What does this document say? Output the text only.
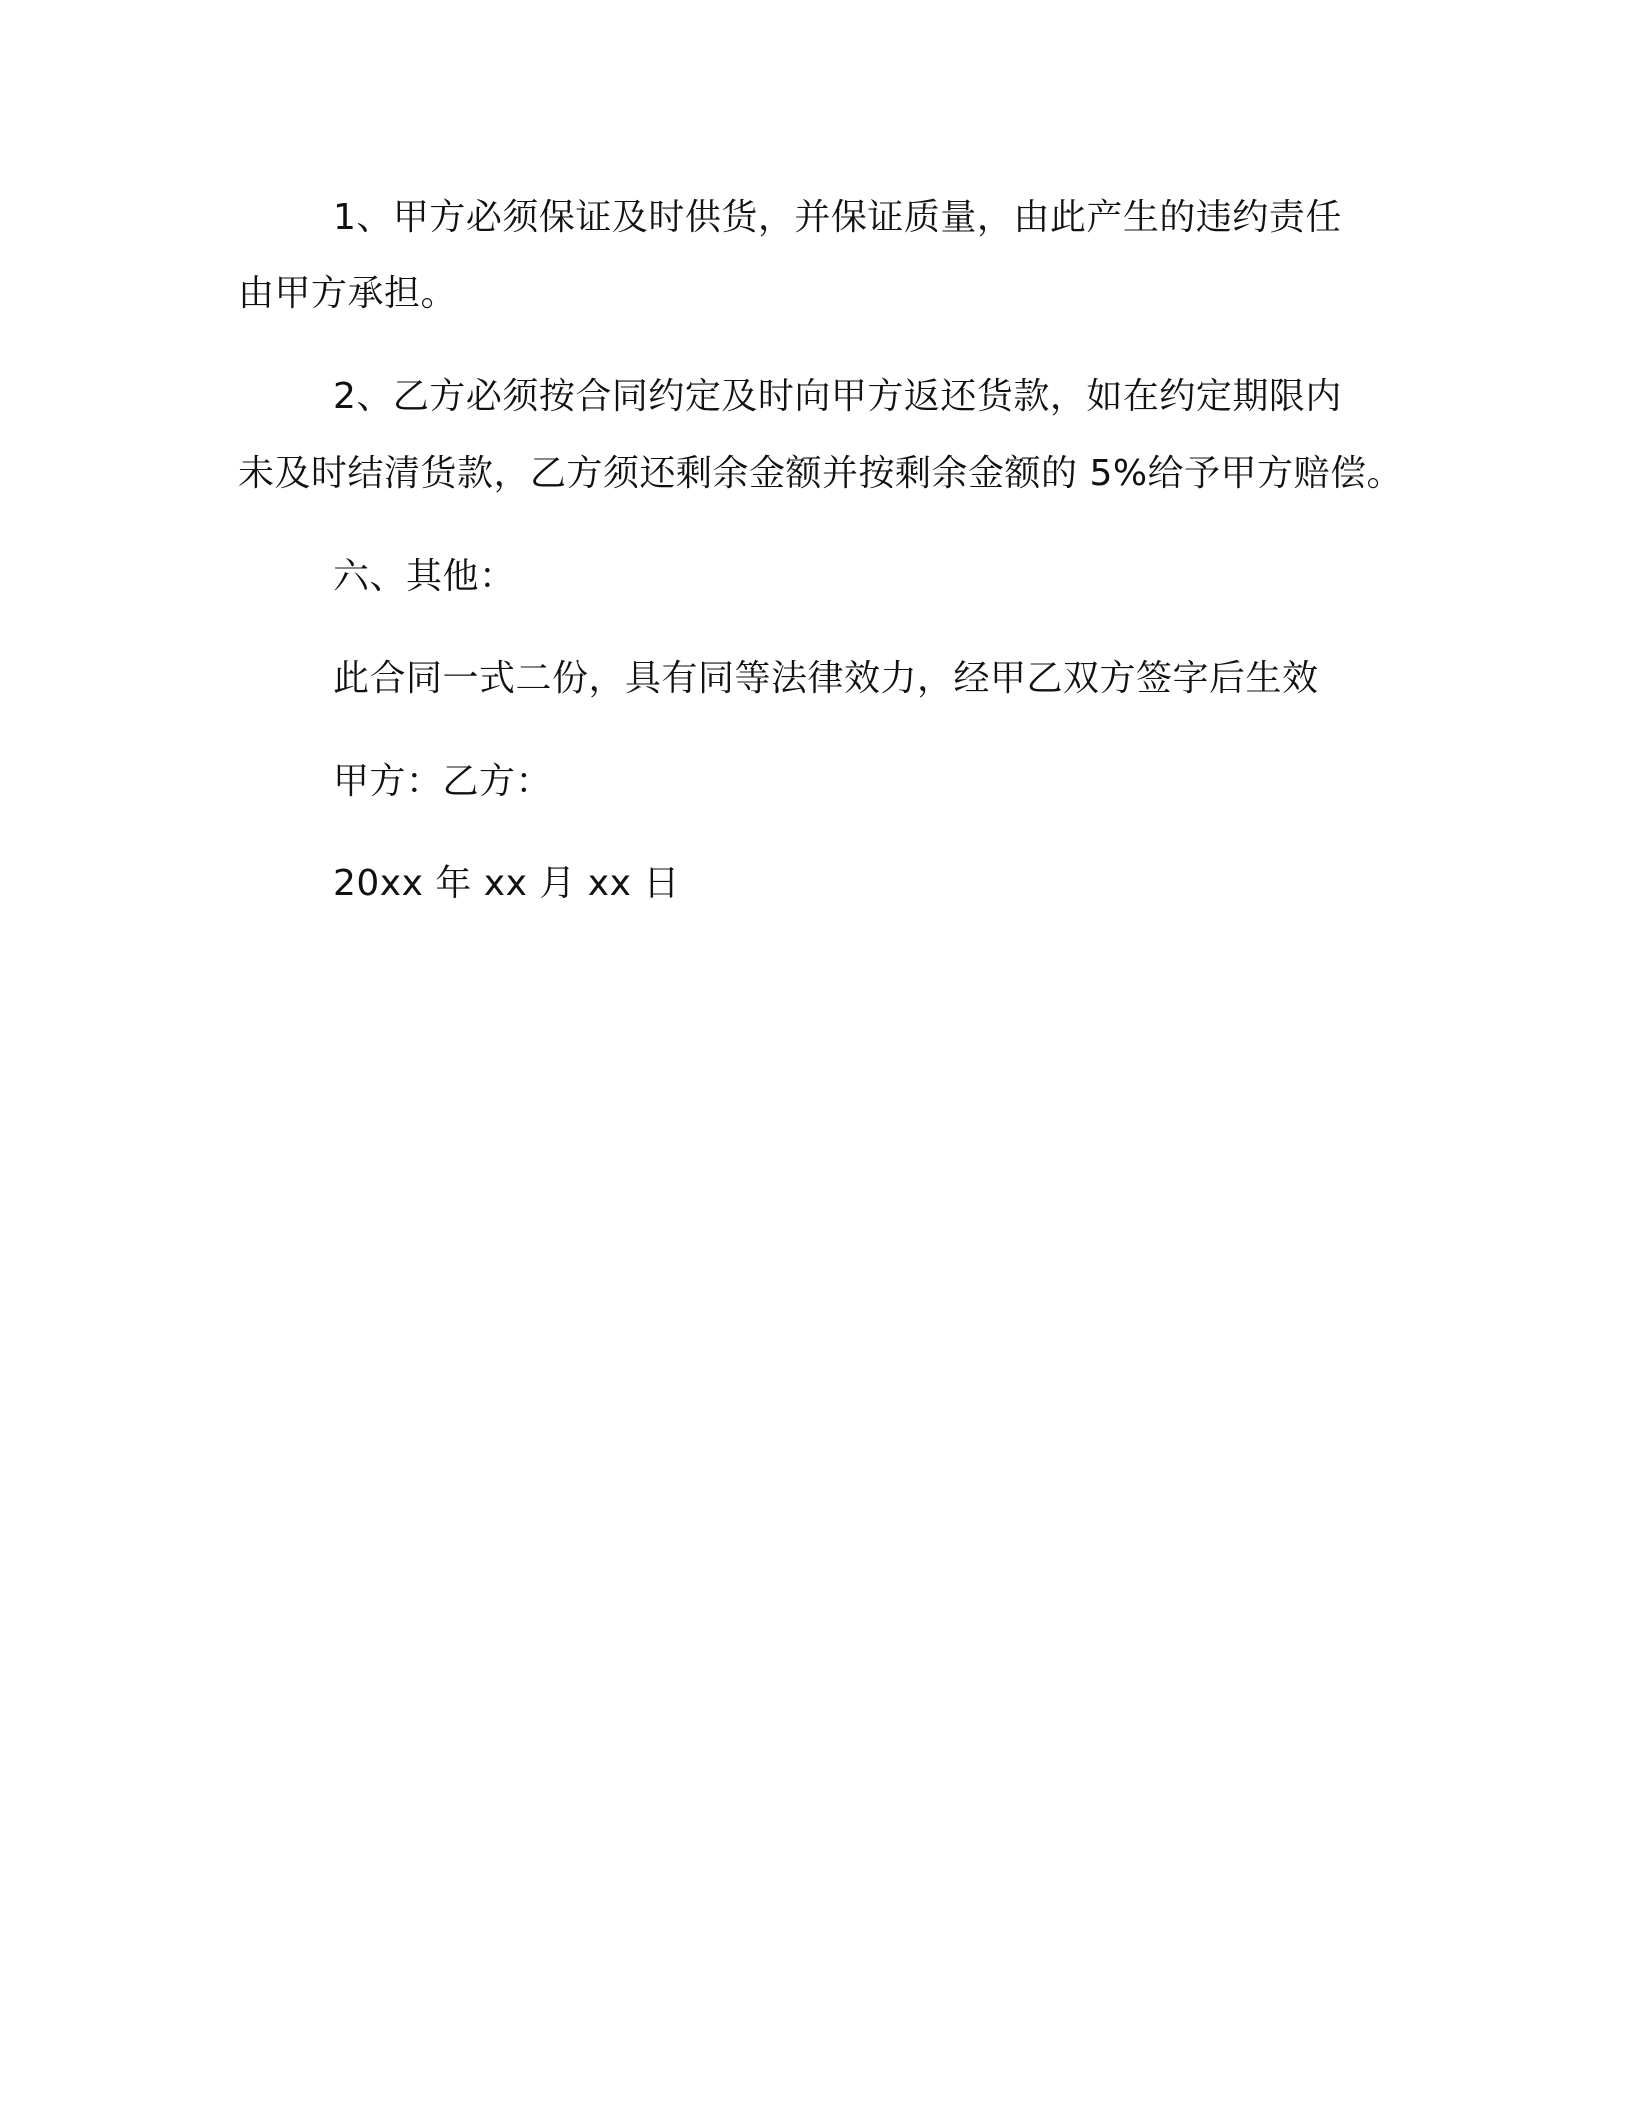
1、甲方必须保证及时供货，并保证质量，由此产生的违约责任
由甲方承担。
2、乙方必须按合同约定及时向甲方返还货款，如在约定期限内
未及时结清货款，乙方须还剩余金额并按剩余金额的 5%给予甲方赔偿。
六、其他：
此合同一式二份，具有同等法律效力，经甲乙双方签字后生效
甲方：乙方：
20xx 年 xx 月 xx 日
